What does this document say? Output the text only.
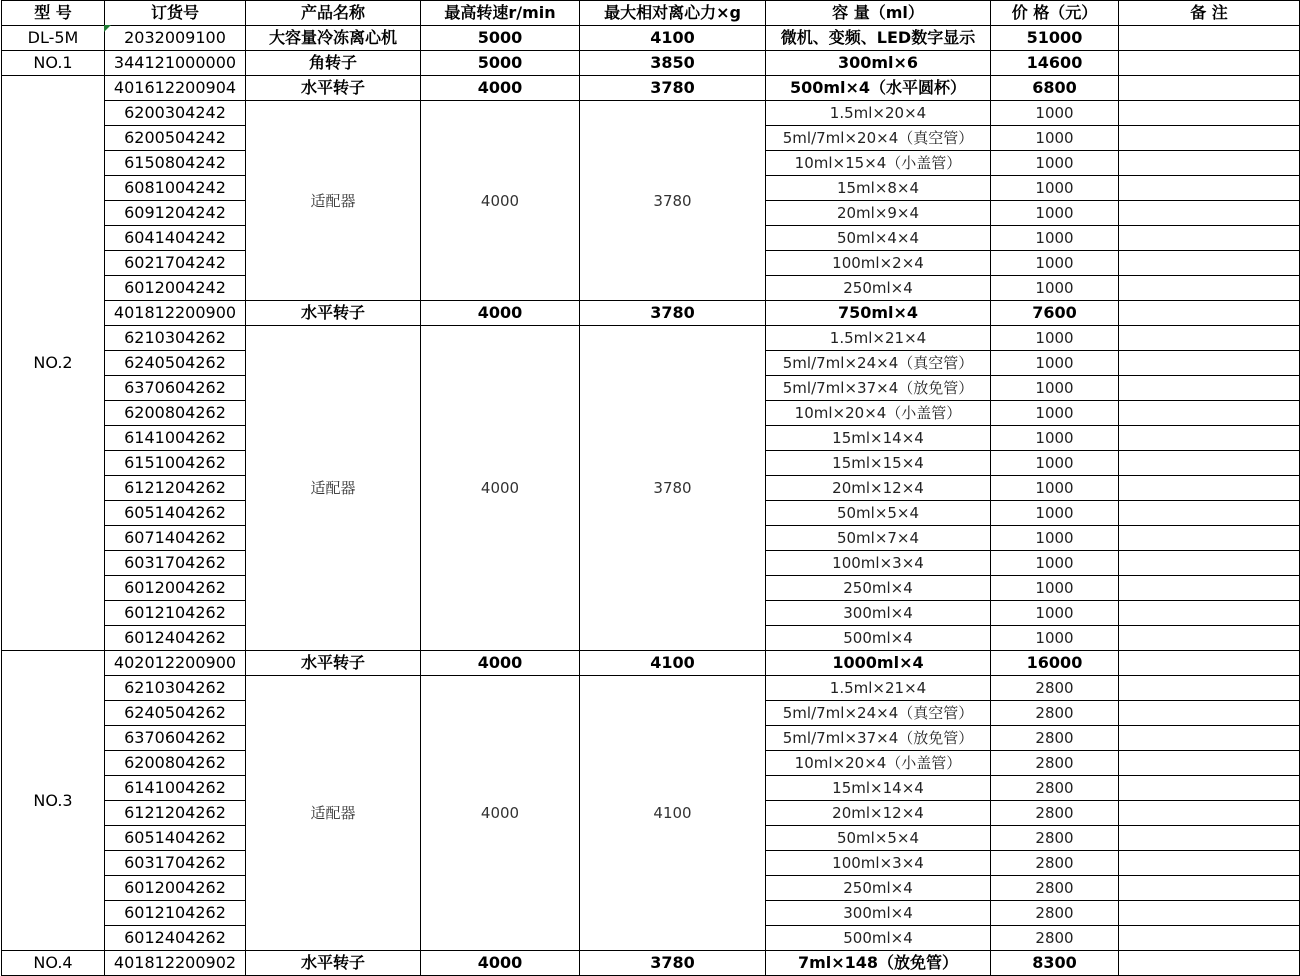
型 号	订货号	产品名称	最高转速r/min	最大相对离心力×g	容 量（ml）	价 格（元）	备 注
DL-5M	2032009100	大容量冷冻离心机	5000	4100	微机、变频、LED数字显示	51000	
NO.1	344121000000	角转子	5000	3850	300ml×6	14600	
NO.2	401612200904	水平转子	4000	3780	500ml×4（水平圆杯）	6800	
	6200304242	适配器	4000	3780	1.5ml×20×4	1000	
	6200504242				5ml/7ml×20×4（真空管）	1000	
	6150804242				10ml×15×4（小盖管）	1000	
	6081004242				15ml×8×4	1000	
	6091204242				20ml×9×4	1000	
	6041404242				50ml×4×4	1000	
	6021704242				100ml×2×4	1000	
	6012004242				250ml×4	1000	
	401812200900	水平转子	4000	3780	750ml×4	7600	
	6210304262	适配器	4000	3780	1.5ml×21×4	1000	
	6240504262				5ml/7ml×24×4（真空管）	1000	
	6370604262				5ml/7ml×37×4（放免管）	1000	
	6200804262				10ml×20×4（小盖管）	1000	
	6141004262				15ml×14×4	1000	
	6151004262				15ml×15×4	1000	
	6121204262				20ml×12×4	1000	
	6051404262				50ml×5×4	1000	
	6071404262				50ml×7×4	1000	
	6031704262				100ml×3×4	1000	
	6012004262				250ml×4	1000	
	6012104262				300ml×4	1000	
	6012404262				500ml×4	1000	
NO.3	402012200900	水平转子	4000	4100	1000ml×4	16000	
	6210304262	适配器	4000	4100	1.5ml×21×4	2800	
	6240504262				5ml/7ml×24×4（真空管）	2800	
	6370604262				5ml/7ml×37×4（放免管）	2800	
	6200804262				10ml×20×4（小盖管）	2800	
	6141004262				15ml×14×4	2800	
	6121204262				20ml×12×4	2800	
	6051404262				50ml×5×4	2800	
	6031704262				100ml×3×4	2800	
	6012004262				250ml×4	2800	
	6012104262				300ml×4	2800	
	6012404262				500ml×4	2800	
NO.4	401812200902	水平转子	4000	3780	7ml×148（放免管）	8300	
